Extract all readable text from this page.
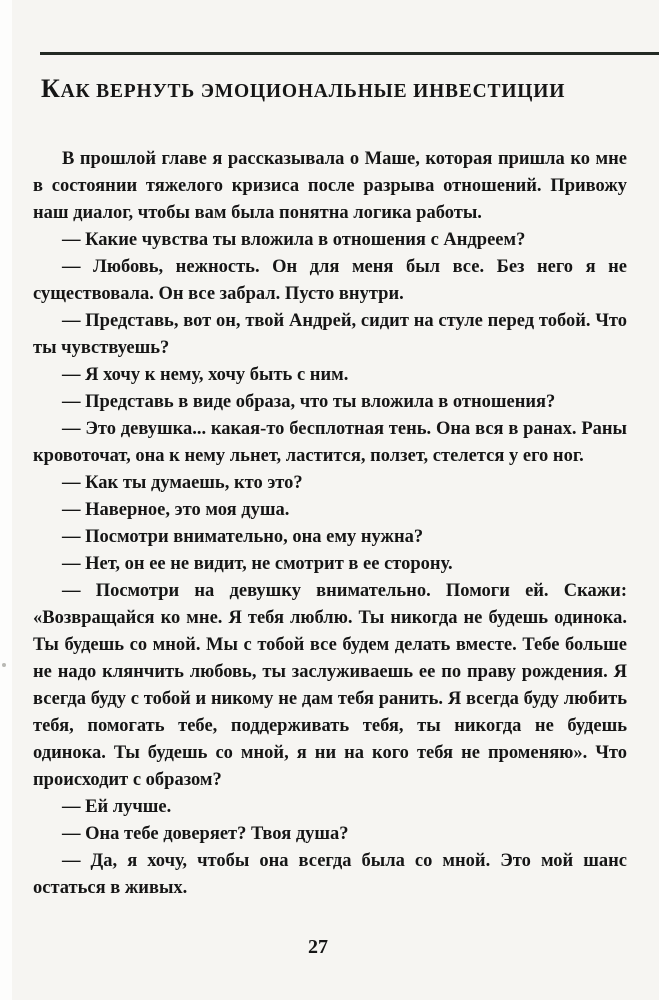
КАК ВЕРНУТЬ ЭМОЦИОНАЛЬНЫЕ ИНВЕСТИЦИИ

В прошлой главе я рассказывала о Маше, которая пришла ко мне в состоянии тяжелого кризиса после разрыва отношений. Привожу наш диалог, чтобы вам была понятна логика работы.

— Какие чувства ты вложила в отношения с Андреем?

— Любовь, нежность. Он для меня был все. Без него я не существовала. Он все забрал. Пусто внутри.

— Представь, вот он, твой Андрей, сидит на стуле перед тобой. Что ты чувствуешь?

— Я хочу к нему, хочу быть с ним.

— Представь в виде образа, что ты вложила в отношения?

— Это девушка... какая-то бесплотная тень. Она вся в ранах. Раны кровоточат, она к нему льнет, ластится, ползет, стелется у его ног.

— Как ты думаешь, кто это?

— Наверное, это моя душа.

— Посмотри внимательно, она ему нужна?

— Нет, он ее не видит, не смотрит в ее сторону.

— Посмотри на девушку внимательно. Помоги ей. Скажи: «Возвращайся ко мне. Я тебя люблю. Ты никогда не будешь одинока. Ты будешь со мной. Мы с тобой все будем делать вместе. Тебе больше не надо клянчить любовь, ты заслуживаешь ее по праву рождения. Я всегда буду с тобой и никому не дам тебя ранить. Я всегда буду любить тебя, помогать тебе, поддерживать тебя, ты никогда не будешь одинока. Ты будешь со мной, я ни на кого тебя не променяю». Что происходит с образом?

— Ей лучше.

— Она тебе доверяет? Твоя душа?

— Да, я хочу, чтобы она всегда была со мной. Это мой шанс остаться в живых.

27
